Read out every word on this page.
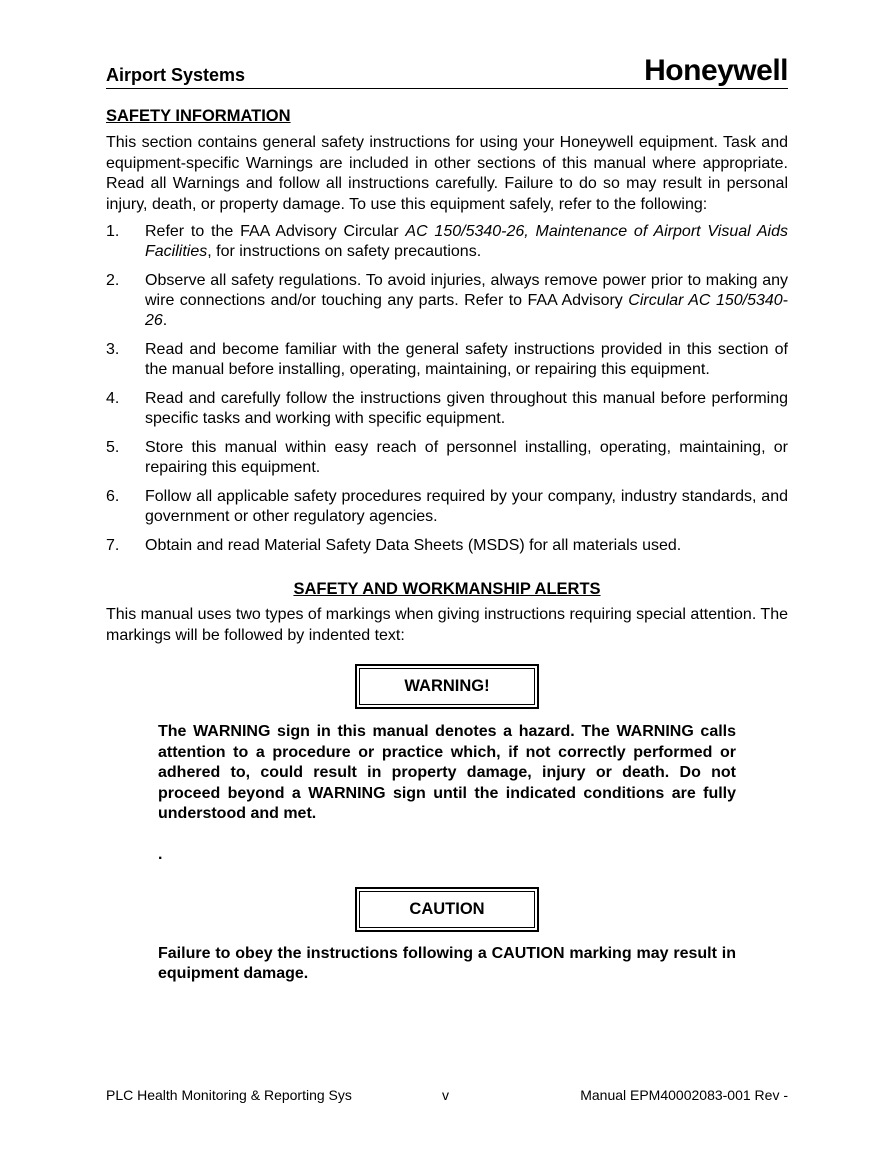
Airport Systems	Honeywell

SAFETY INFORMATION

This section contains general safety instructions for using your Honeywell equipment. Task and equipment-specific Warnings are included in other sections of this manual where appropriate. Read all Warnings and follow all instructions carefully. Failure to do so may result in personal injury, death, or property damage. To use this equipment safely, refer to the following:

1.	Refer to the FAA Advisory Circular AC 150/5340-26, Maintenance of Airport Visual Aids Facilities, for instructions on safety precautions.
2.	Observe all safety regulations. To avoid injuries, always remove power prior to making any wire connections and/or touching any parts. Refer to FAA Advisory Circular AC 150/5340-26.
3.	Read and become familiar with the general safety instructions provided in this section of the manual before installing, operating, maintaining, or repairing this equipment.
4.	Read and carefully follow the instructions given throughout this manual before performing specific tasks and working with specific equipment.
5.	Store this manual within easy reach of personnel installing, operating, maintaining, or repairing this equipment.
6.	Follow all applicable safety procedures required by your company, industry standards, and government or other regulatory agencies.
7.	Obtain and read Material Safety Data Sheets (MSDS) for all materials used.

SAFETY AND WORKMANSHIP ALERTS

This manual uses two types of markings when giving instructions requiring special attention. The markings will be followed by indented text:

WARNING!

The WARNING sign in this manual denotes a hazard. The WARNING calls attention to a procedure or practice which, if not correctly performed or adhered to, could result in property damage, injury or death. Do not proceed beyond a WARNING sign until the indicated conditions are fully understood and met.

.

CAUTION

Failure to obey the instructions following a CAUTION marking may result in equipment damage.

PLC Health Monitoring & Reporting Sys	v	Manual EPM40002083-001 Rev -
